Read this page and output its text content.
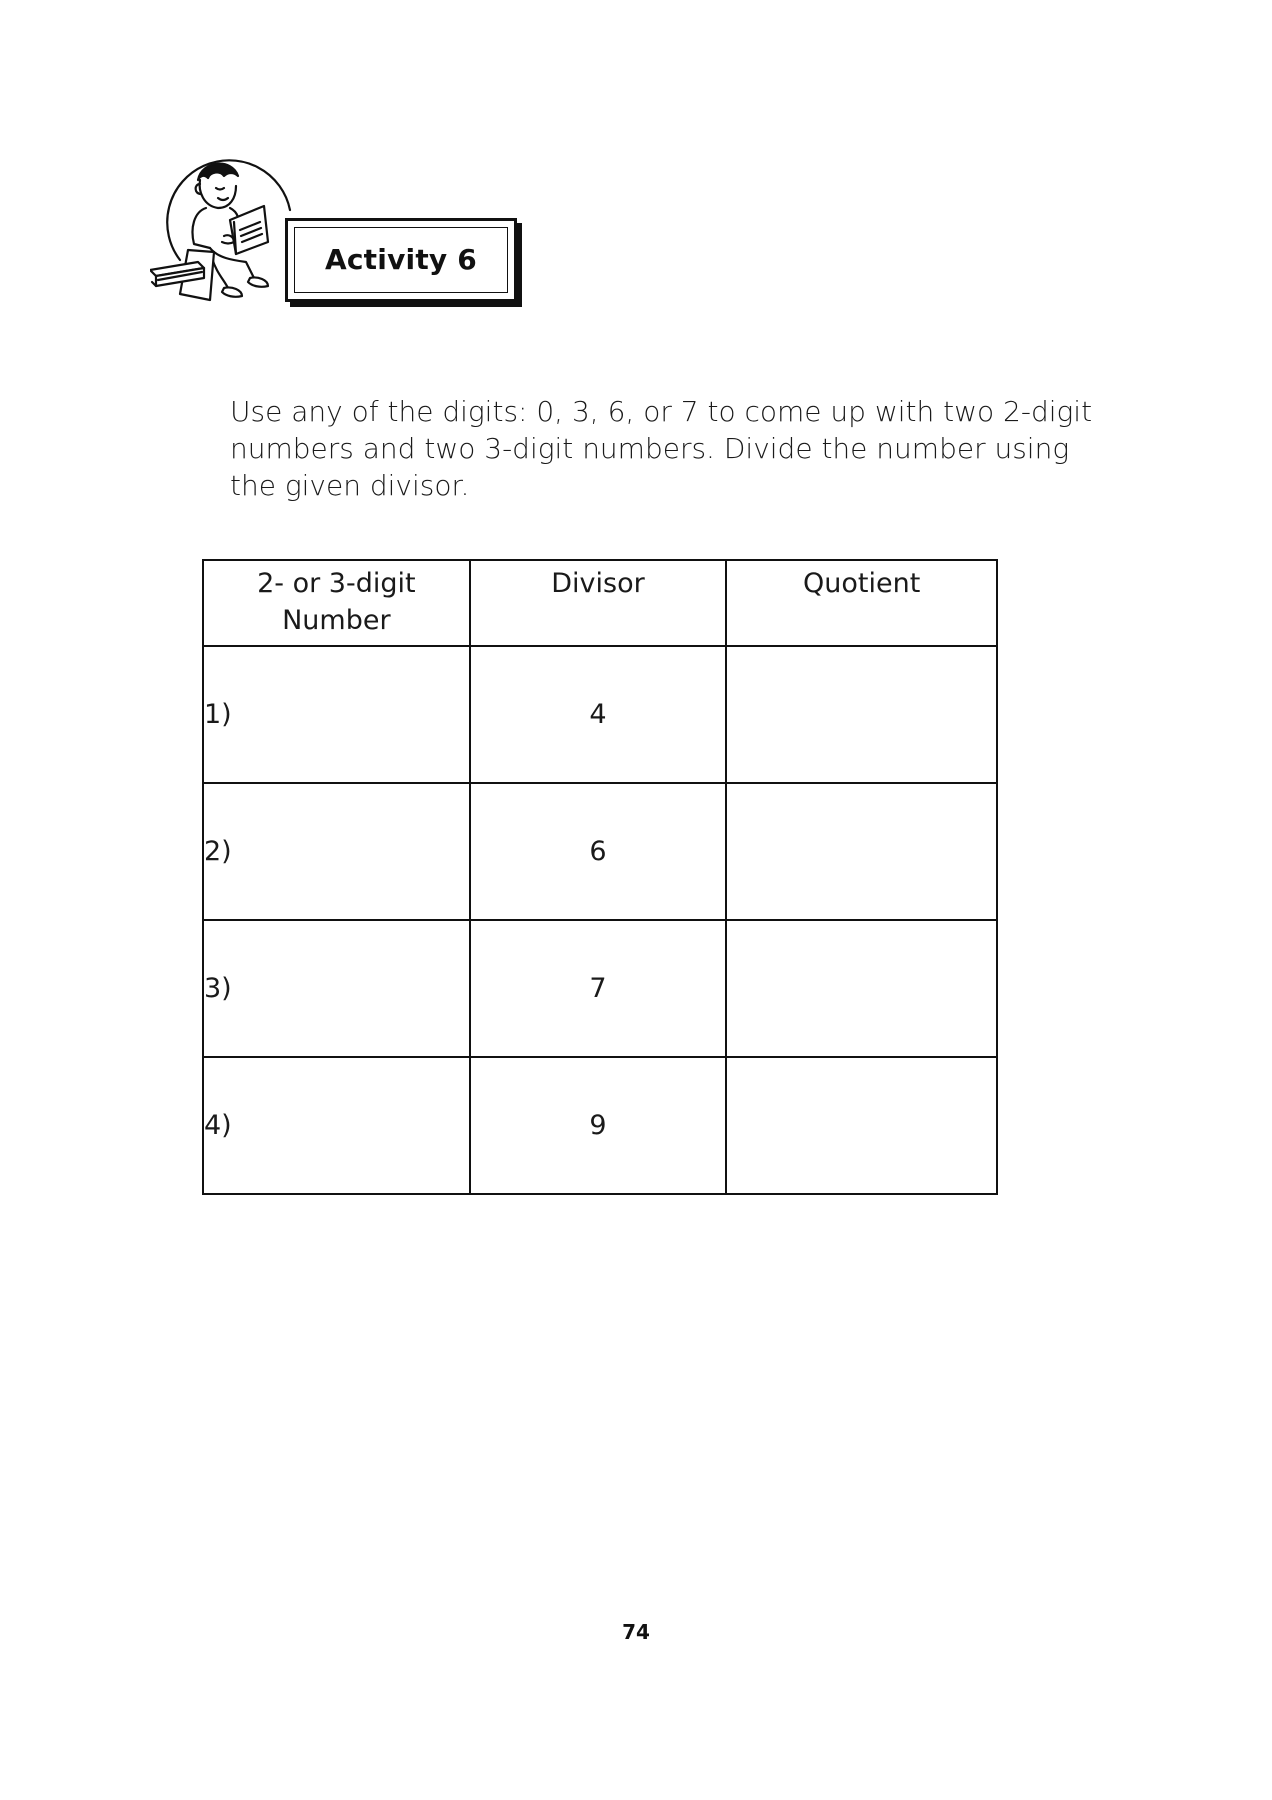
Activity 6
Use any of the digits: 0, 3, 6, or 7 to come up with two 2-digit numbers and two 3-digit numbers. Divide the number using the given divisor.
2- or 3-digit Number	Divisor	Quotient
1)	4	
2)	6	
3)	7	
4)	9	
74
